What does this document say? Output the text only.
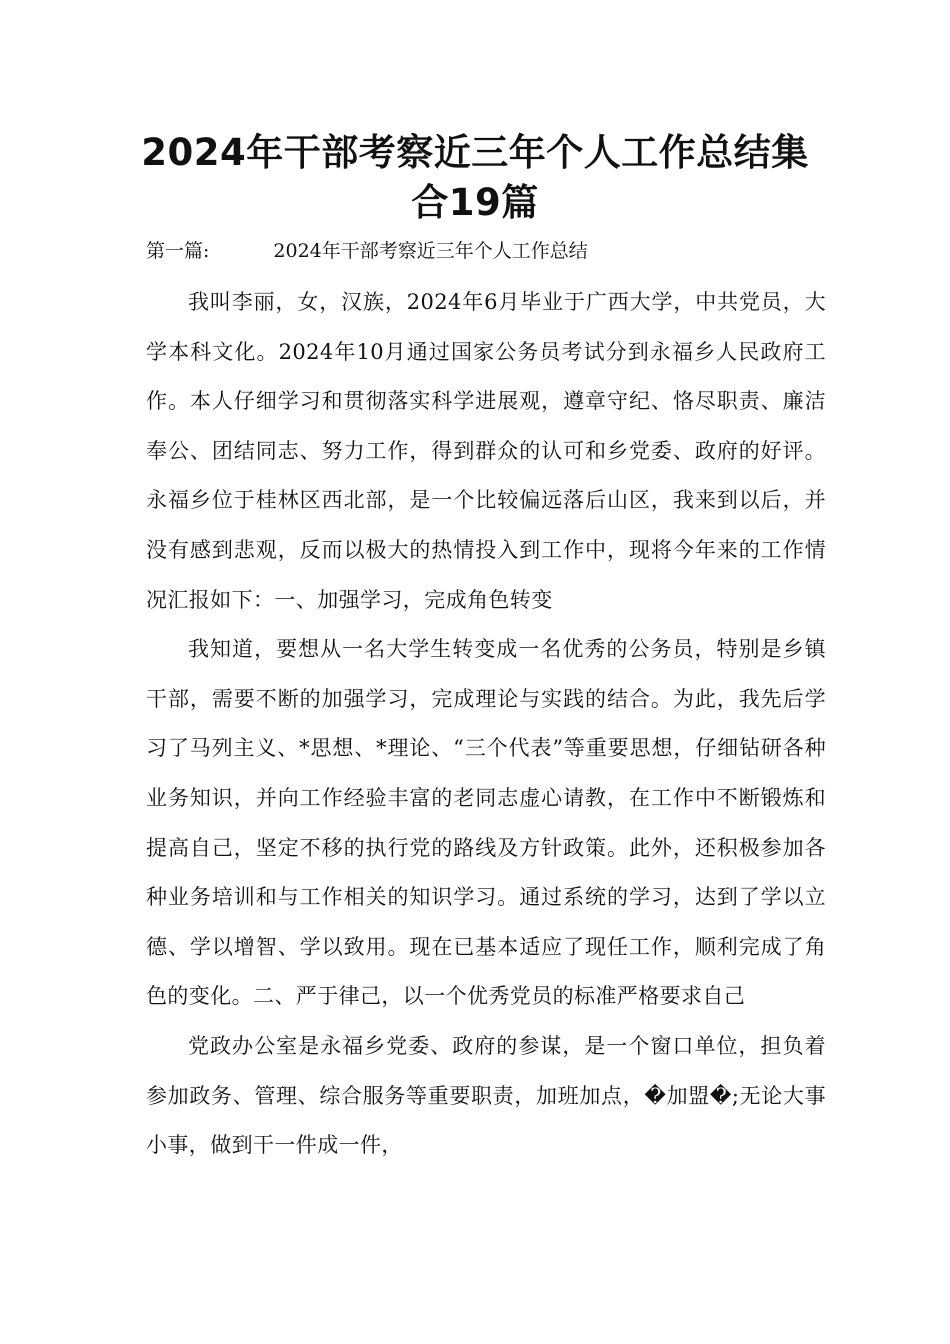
2024年干部考察近三年个人工作总结集
合19篇
第一篇:	2024年干部考察近三年个人工作总结

我叫李丽，女，汉族，2024年6月毕业于广西大学，中共党员，大学本科文化。2024年10月通过国家公务员考试分到永福乡人民政府工作。本人仔细学习和贯彻落实科学进展观，遵章守纪、恪尽职责、廉洁奉公、团结同志、努力工作，得到群众的认可和乡党委、政府的好评。永福乡位于桂林区西北部，是一个比较偏远落后山区，我来到以后，并没有感到悲观，反而以极大的热情投入到工作中，现将今年来的工作情况汇报如下：一、加强学习，完成角色转变

我知道，要想从一名大学生转变成一名优秀的公务员，特别是乡镇干部，需要不断的加强学习，完成理论与实践的结合。为此，我先后学习了马列主义、*思想、*理论、“三个代表”等重要思想，仔细钻研各种业务知识，并向工作经验丰富的老同志虚心请教，在工作中不断锻炼和提高自己，坚定不移的执行党的路线及方针政策。此外，还积极参加各种业务培训和与工作相关的知识学习。通过系统的学习，达到了学以立德、学以增智、学以致用。现在已基本适应了现任工作，顺利完成了角色的变化。二、严于律己，以一个优秀党员的标准严格要求自己

党政办公室是永福乡党委、政府的参谋，是一个窗口单位，担负着参加政务、管理、综合服务等重要职责，加班加点，�加盟�;无论大事小事，做到干一件成一件，
